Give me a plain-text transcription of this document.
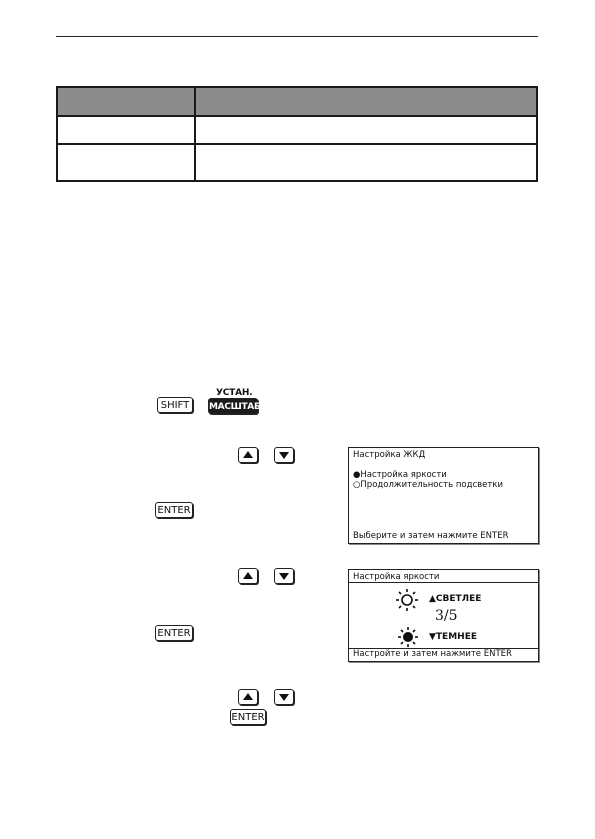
SHIFT
УСТАН.
МАСШТАБ
ENTER
Настройка ЖКД
●Настройка яркости
○Продолжительность подсветки
Выберите и затем нажмите ENTER
ENTER
Настройка яркости
▲СВЕТЛЕЕ
3/5
▼ТЕМНЕЕ
Настройте и затем нажмите ENTER
ENTER
